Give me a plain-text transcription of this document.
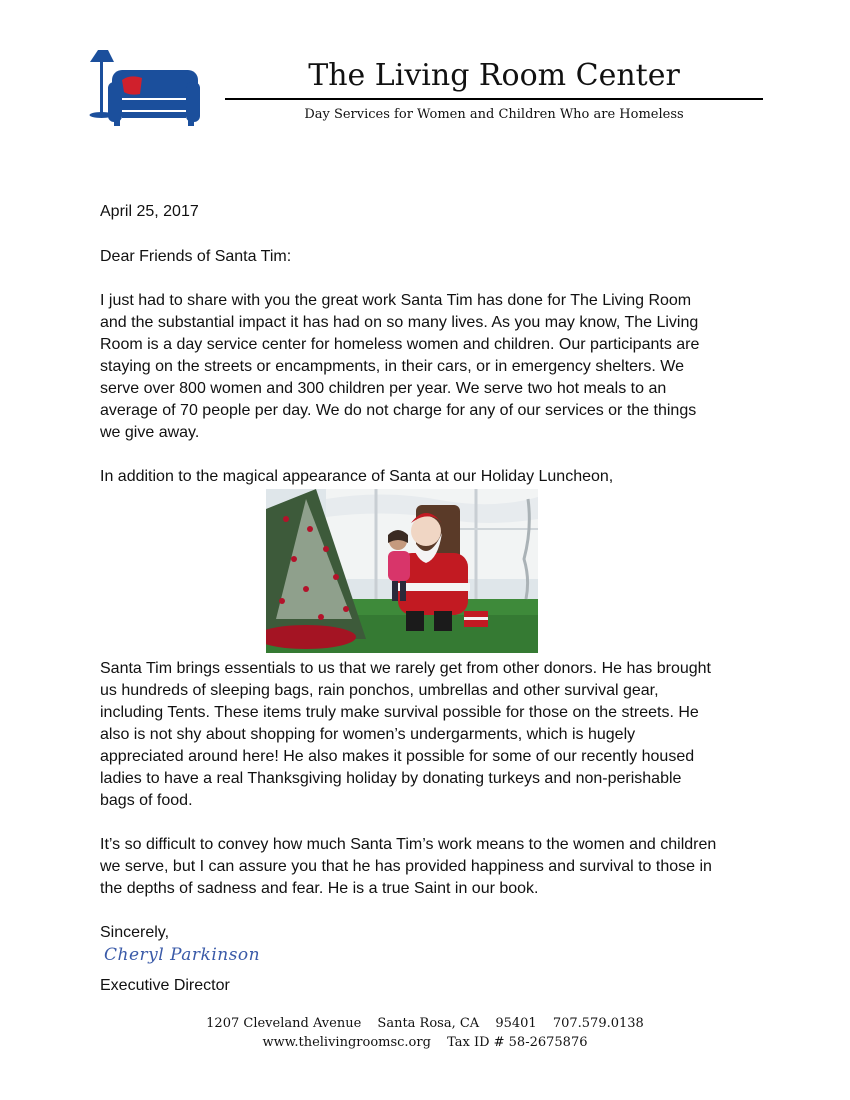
The Living Room Center
Day Services for Women and Children Who are Homeless
April 25, 2017
Dear Friends of Santa Tim:

I just had to share with you the great work Santa Tim has done for The Living Room and the substantial impact it has had on so many lives. As you may know, The Living Room is a day service center for homeless women and children. Our participants are staying on the streets or encampments, in their cars, or in emergency shelters. We serve over 800 women and 300 children per year. We serve two hot meals to an average of 70 people per day. We do not charge for any of our services or the things we give away.

In addition to the magical appearance of Santa at our Holiday Luncheon,

Santa Tim brings essentials to us that we rarely get from other donors. He has brought us hundreds of sleeping bags, rain ponchos, umbrellas and other survival gear, including Tents. These items truly make survival possible for those on the streets. He also is not shy about shopping for women’s undergarments, which is hugely appreciated around here! He also makes it possible for some of our recently housed ladies to have a real Thanksgiving holiday by donating turkeys and non-perishable bags of food.

It’s so difficult to convey how much Santa Tim’s work means to the women and children we serve, but I can assure you that he has provided happiness and survival to those in the depths of sadness and fear. He is a true Saint in our book.

Sincerely,
Cheryl Parkinson
Executive Director
1207 Cleveland Avenue Santa Rosa, CA 95401 707.579.0138
www.thelivingroomsc.org Tax ID # 58-2675876
